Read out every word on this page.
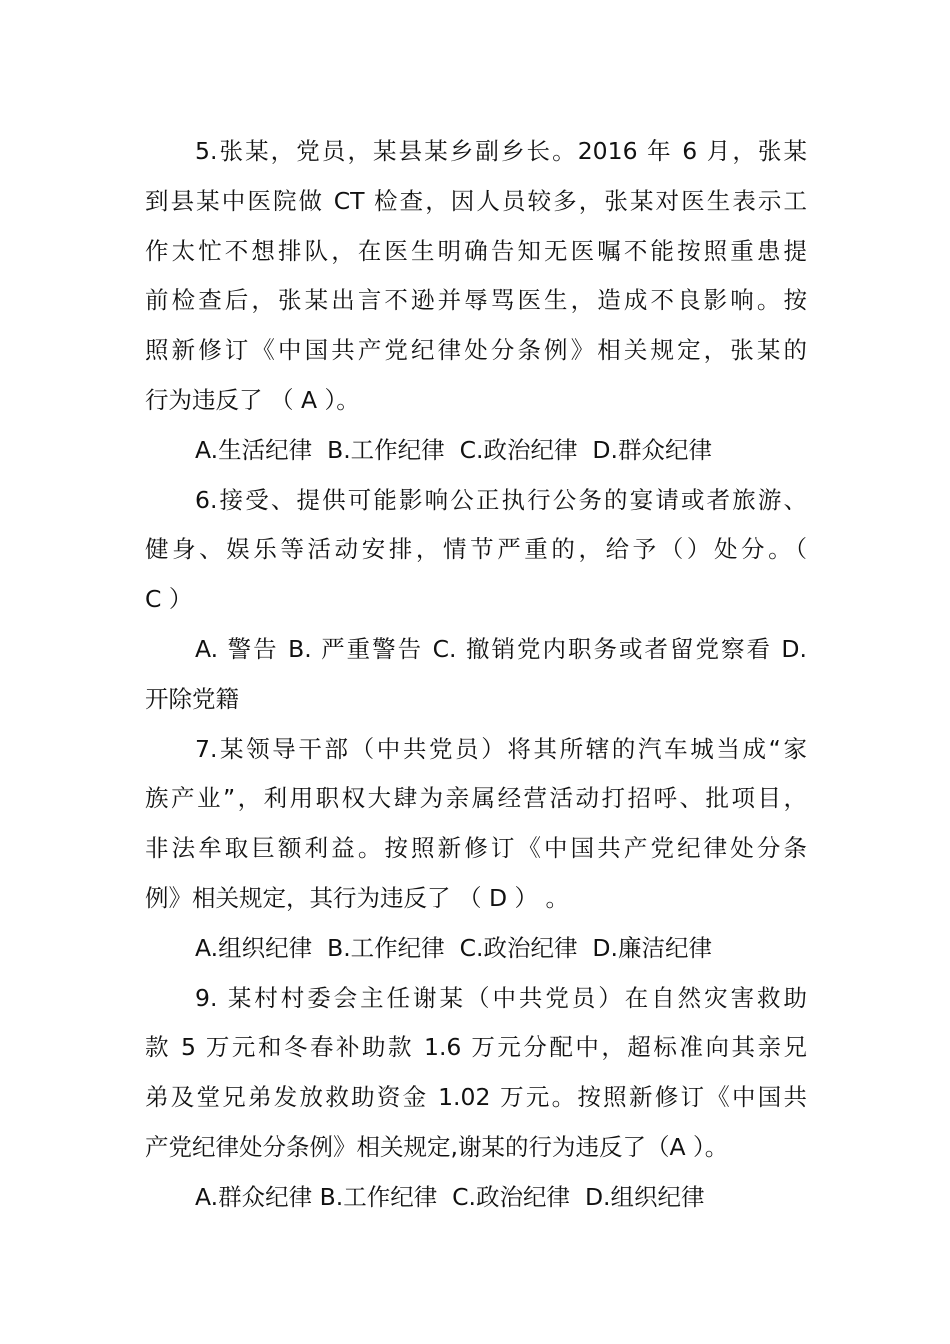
5.张某，党员，某县某乡副乡长。2016 年 6 月，张某
到县某中医院做 CT 检查，因人员较多，张某对医生表示工
作太忙不想排队，在医生明确告知无医嘱不能按照重患提
前检查后，张某出言不逊并辱骂医生，造成不良影响。按
照新修订《中国共产党纪律处分条例》相关规定，张某的
行为违反了 （ A ）。

A.生活纪律  B.工作纪律  C.政治纪律  D.群众纪律

6.接受、提供可能影响公正执行公务的宴请或者旅游、
健身、娱乐等活动安排，情节严重的，给予（）处分。（
C ）

A. 警告 B. 严重警告 C. 撤销党内职务或者留党察看 D.
开除党籍

7.某领导干部（中共党员）将其所辖的汽车城当成“家
族产业”，利用职权大肆为亲属经营活动打招呼、批项目，
非法牟取巨额利益。按照新修订《中国共产党纪律处分条
例》相关规定，其行为违反了 （ D ） 。

A.组织纪律  B.工作纪律  C.政治纪律  D.廉洁纪律

9. 某村村委会主任谢某（中共党员）在自然灾害救助
款 5 万元和冬春补助款 1.6 万元分配中，超标准向其亲兄
弟及堂兄弟发放救助资金 1.02 万元。按照新修订《中国共
产党纪律处分条例》相关规定,谢某的行为违反了（A ）。

A.群众纪律 B.工作纪律  C.政治纪律  D.组织纪律
